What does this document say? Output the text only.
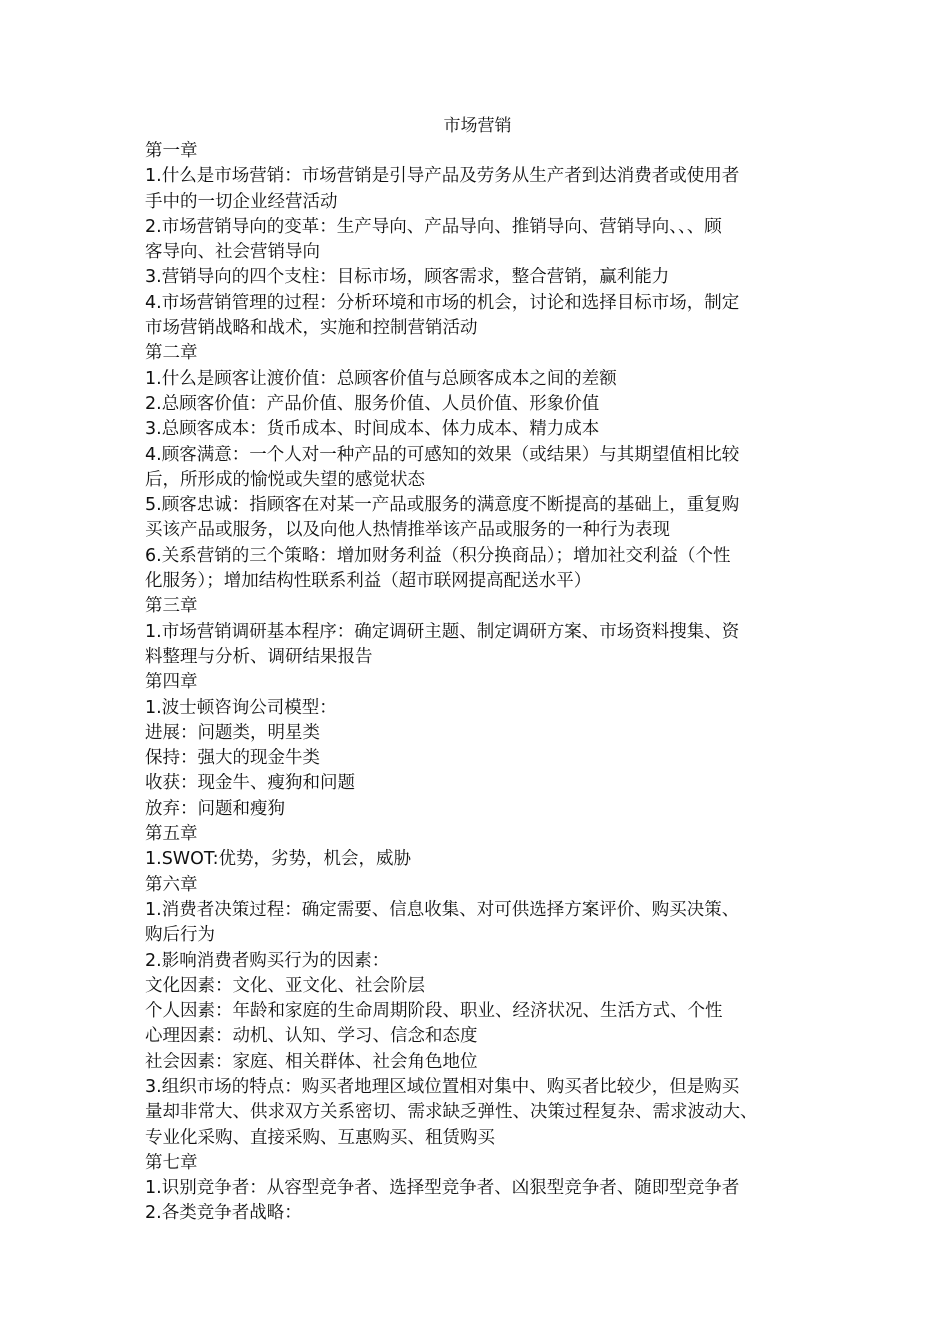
市场营销
第一章
1.什么是市场营销：市场营销是引导产品及劳务从生产者到达消费者或使用者
手中的一切企业经营活动
2.市场营销导向的变革：生产导向、产品导向、推销导向、营销导向、、、顾
客导向、社会营销导向
3.营销导向的四个支柱：目标市场，顾客需求，整合营销，赢利能力
4.市场营销管理的过程：分析环境和市场的机会，讨论和选择目标市场，制定
市场营销战略和战术，实施和控制营销活动
第二章
1.什么是顾客让渡价值：总顾客价值与总顾客成本之间的差额
2.总顾客价值：产品价值、服务价值、人员价值、形象价值
3.总顾客成本：货币成本、时间成本、体力成本、精力成本
4.顾客满意：一个人对一种产品的可感知的效果（或结果）与其期望值相比较
后，所形成的愉悦或失望的感觉状态
5.顾客忠诚：指顾客在对某一产品或服务的满意度不断提高的基础上，重复购
买该产品或服务，以及向他人热情推举该产品或服务的一种行为表现
6.关系营销的三个策略：增加财务利益（积分换商品）；增加社交利益（个性
化服务）；增加结构性联系利益（超市联网提高配送水平）
第三章
1.市场营销调研基本程序：确定调研主题、制定调研方案、市场资料搜集、资
料整理与分析、调研结果报告
第四章
1.波士顿咨询公司模型：
进展：问题类，明星类
保持：强大的现金牛类
收获：现金牛、瘦狗和问题
放弃：问题和瘦狗
第五章
1.SWOT:优势，劣势，机会，威胁
第六章
1.消费者决策过程：确定需要、信息收集、对可供选择方案评价、购买决策、
购后行为
2.影响消费者购买行为的因素：
文化因素：文化、亚文化、社会阶层
个人因素：年龄和家庭的生命周期阶段、职业、经济状况、生活方式、个性
心理因素：动机、认知、学习、信念和态度
社会因素：家庭、相关群体、社会角色地位
3.组织市场的特点：购买者地理区域位置相对集中、购买者比较少，但是购买
量却非常大、供求双方关系密切、需求缺乏弹性、决策过程复杂、需求波动大、
专业化采购、直接采购、互惠购买、租赁购买
第七章
1.识别竞争者：从容型竞争者、选择型竞争者、凶狠型竞争者、随即型竞争者
2.各类竞争者战略：
